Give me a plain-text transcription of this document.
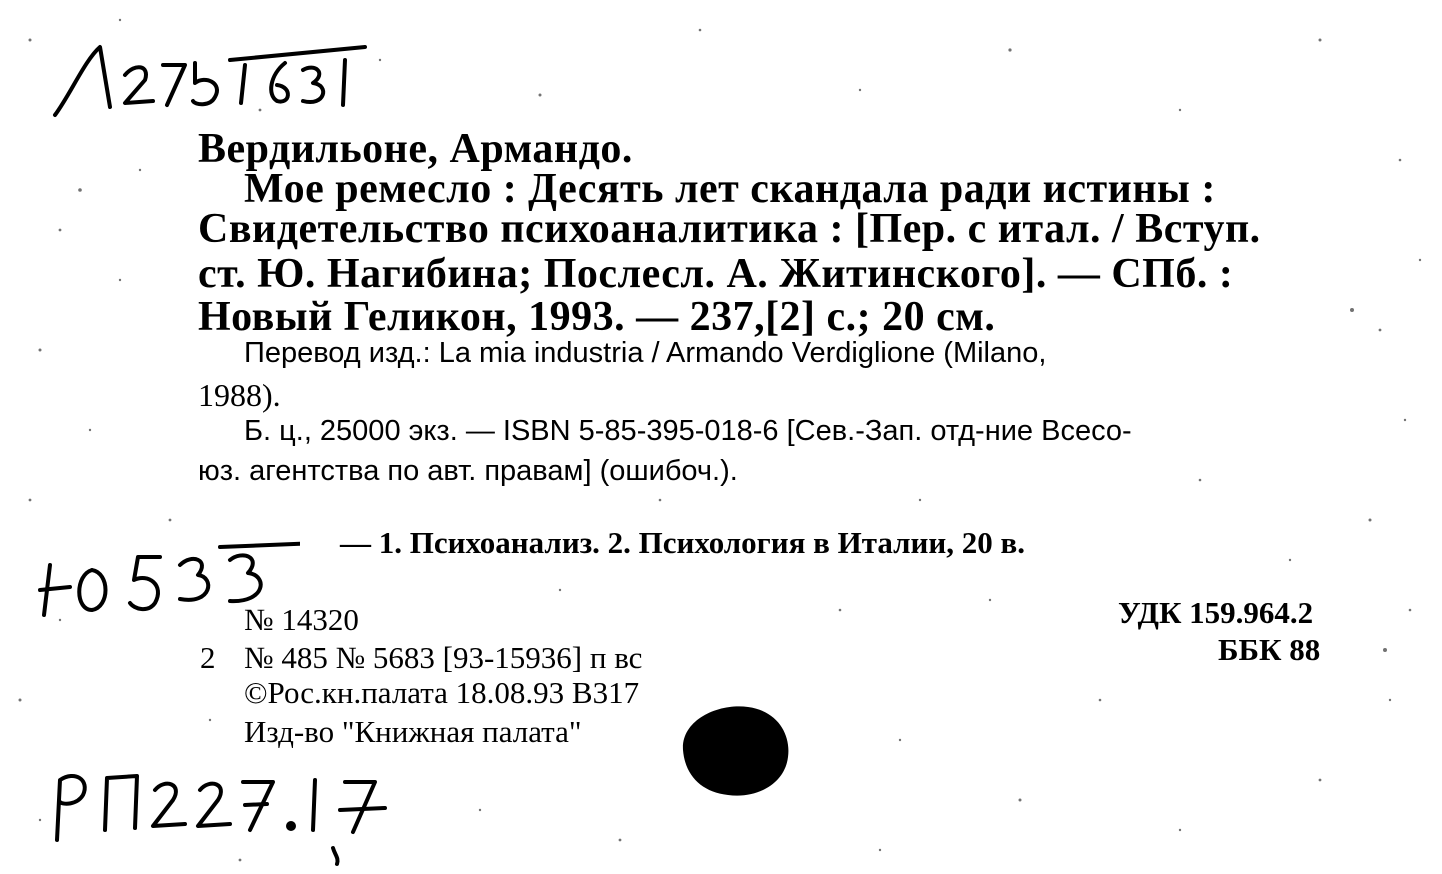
Вердильоне, Армандо.
Мое ремесло : Десять лет скандала ради истины :
Свидетельство психоаналитика : [Пер. с итал. / Вступ.
ст. Ю. Нагибина; Послесл. А. Житинского]. — СПб. :
Новый Геликон, 1993. — 237,[2] с.; 20 см.
Перевод изд.: La mia industria / Armando Verdiglione (Milano,
1988).
Б. ц., 25000 экз. — ISBN 5-85-395-018-6 [Сев.-Зап. отд-ние Всесо-
юз. агентства по авт. правам] (ошибоч.).
— 1. Психоанализ. 2. Психология в Италии, 20 в.
№ 14320	УДК 159.964.2
2 № 485 № 5683 [93-15936] п вс	ББК 88
©Рос.кн.палата 18.08.93 В317
Изд-во "Книжная палата"
